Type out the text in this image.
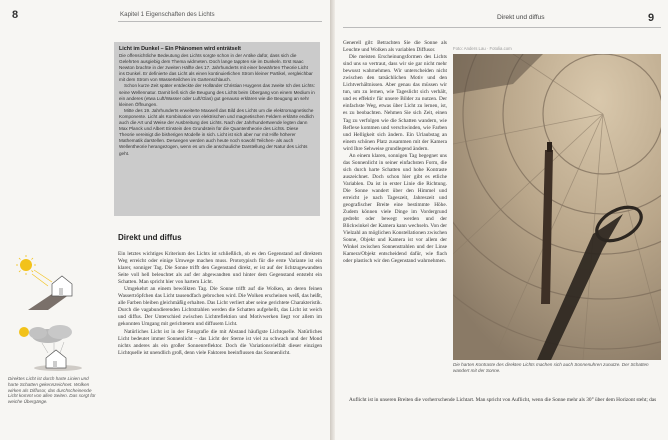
8	Kapitel 1 Eigenschaften des Lichts
Licht im Dunkel – Ein Phänomen wird enträtselt

Die offensichtliche Bedeutung des Lichts sorgte schon in der Antike dafür, dass sich die Gelehrten ausgiebig dem Thema widmeten. Doch lange tappten sie im Dunkeln. Erst Isaac Newton brachte in der zweiten Hälfte des 17. Jahrhunderts mit einer bewährten Theorie Licht ins Dunkel. Er definierte das Licht als einen kontinuierlichen Strom kleiner Partikel, vergleichbar mit dem Strom von Wasserteilchen im Gartenschlauch.

Schon kurze Zeit später entdeckte der Holländer Christian Huygens das zweite Ich des Lichts: seine Wellennatur. Damit ließ sich die Beugung des Lichts beim Übergang von einem Medium in ein anderes (etwa Luft/Wasser oder Luft/Glas) gut genauso erklären wie die Beugung an sehr kleinen Öffnungen.

Mitte des 19. Jahrhunderts erweiterte Maxwell das Bild des Lichts um die elektromagnetische Komponente. Licht als Kombination von elektrischen und magnetischen Feldern erklärte endlich auch die Art und Weise der Ausbreitung des Lichts. Nach der Jahrhundertwende legten dann Max Planck und Albert Einstein den Grundstein für die Quantentheorie des Lichts. Diese Theorie vereinigt die bisherigen Modelle in sich. Licht ist sich aber nur mit Hilfe höherer Mathematik darstellen. Deswegen werden auch heute noch sowohl Teilchen- als auch Wellentheorie herangezogen, wenn es um die anschauliche Darstellung der Natur des Lichts geht.

Direkt und diffus

Ein letztes wichtiges Kriterium des Lichts ist schließlich, ob es den Gegenstand auf direktem Weg erreicht oder einige Umwege machen muss. Prototypisch für die erste Variante ist ein klarer, sonniger Tag. Die Sonne trifft den Gegenstand direkt, er ist auf der lichtzugewandten Seite voll hell beleuchtet als auf der abgewandten und hinter dem Gegenstand entsteht ein Schatten. Man spricht hier von hartem Licht.

Umgekehrt an einem bewölkten Tag. Die Sonne trifft auf die Wolken, an deren feinen Wassertröpfchen das Licht tausendfach gebrochen wird. Die Wolken erscheinen weiß, das heißt, alle Farben bleiben gleichmäßig erhalten. Das Licht verliert aber seine gerichtete Charakteristik. Durch die vagabundierenden Lichtstrahlen werden die Schatten aufgehellt, das Licht ist weich und diffus. Der Unterschied zwischen Lichtreflektion und Motivwerken liegt vor allem im gekonnten Umgang mit gerichtetem und diffusem Licht.

Natürliches Licht ist in der Fotografie die mit Abstand häufigste Lichtquelle. Natürliches Licht bedeutet immer Sonnenlicht – das Licht der Sterne ist viel zu schwach und der Mond nichts anderes als ein großer Sonnenreflektor. Doch die Variationsvielfalt dieser einzigen Lichtquelle ist unendlich groß, denn viele Faktoren beeinflussen das Sonnenlicht.

Direktes Licht ist durch harte Linien und harte Schatten gekennzeichnet. Wolken wirken als Diffusor, das durchscheinende Licht kommt von allen Seiten. Das sorgt für weiche Übergänge.
Direkt und diffus	9

Generell gilt: Betrachten Sie die Sonne als Leuchte und Wolken als variablen Diffusor.

Die meisten Erscheinungsformen des Lichts sind uns so vertraut, dass wir sie gar nicht mehr bewusst wahrnehmen. Wir unterscheiden nicht zwischen den tatsächlichen Motiv und den Lichtverhältnissen. Aber genau das müssen wir tun, um zu lernen, wie Tageslicht sich verhält, und es effektiv für unsere Bilder zu nutzen. Der einfachste Weg, etwas über Licht zu lernen, ist, es zu beobachten. Nehmen Sie sich Zeit, einen Tag zu verfolgen wie die Schatten wandern, wie Reflexe kommen und verschwinden, wie Farben und Helligkeit sich ändern. Ein Urlaubstag an einem schönen Platz zusammen mit der Kamera wird Ihre Sehweise grundlegend ändern.

An einem klaren, sonnigen Tag begegnet uns das Sonnenlicht in seiner einfachsten Form, die sich durch harte Schatten und hohe Kontraste auszeichnet. Doch schon hier gibt es etliche Variablen. Da ist in erster Linie die Richtung. Die Sonne wandert über den Himmel und erreicht je nach Tageszeit, Jahreszeit und geografischer Breite eine bestimmte Höhe. Zudem können viele Dinge im Vordergrund gedreht oder bewegt werden und der Blickwinkel der Kamera kann wechseln. Von der Vielzahl an möglichen Konstellationen zwischen Sonne, Objekt und Kamera ist vor allem der Winkel zwischen Sonnenstrahlen und der Linse Kamera/Objekt entscheidend dafür, wie flach oder plastisch wir den Gegenstand wahrnehmen.

Auflicht ist in unseren Breiten die vorherrschende Lichtart. Man spricht von Auflicht, wenn die Sonne mehr als 30° über dem Horizont steht; das

Foto: Anders Lau · Fotolia.com
Die harten Kontraste des direkten Lichts machen sich auch Sonnenuhren zunutze. Der Schatten wandert mit der Sonne.
